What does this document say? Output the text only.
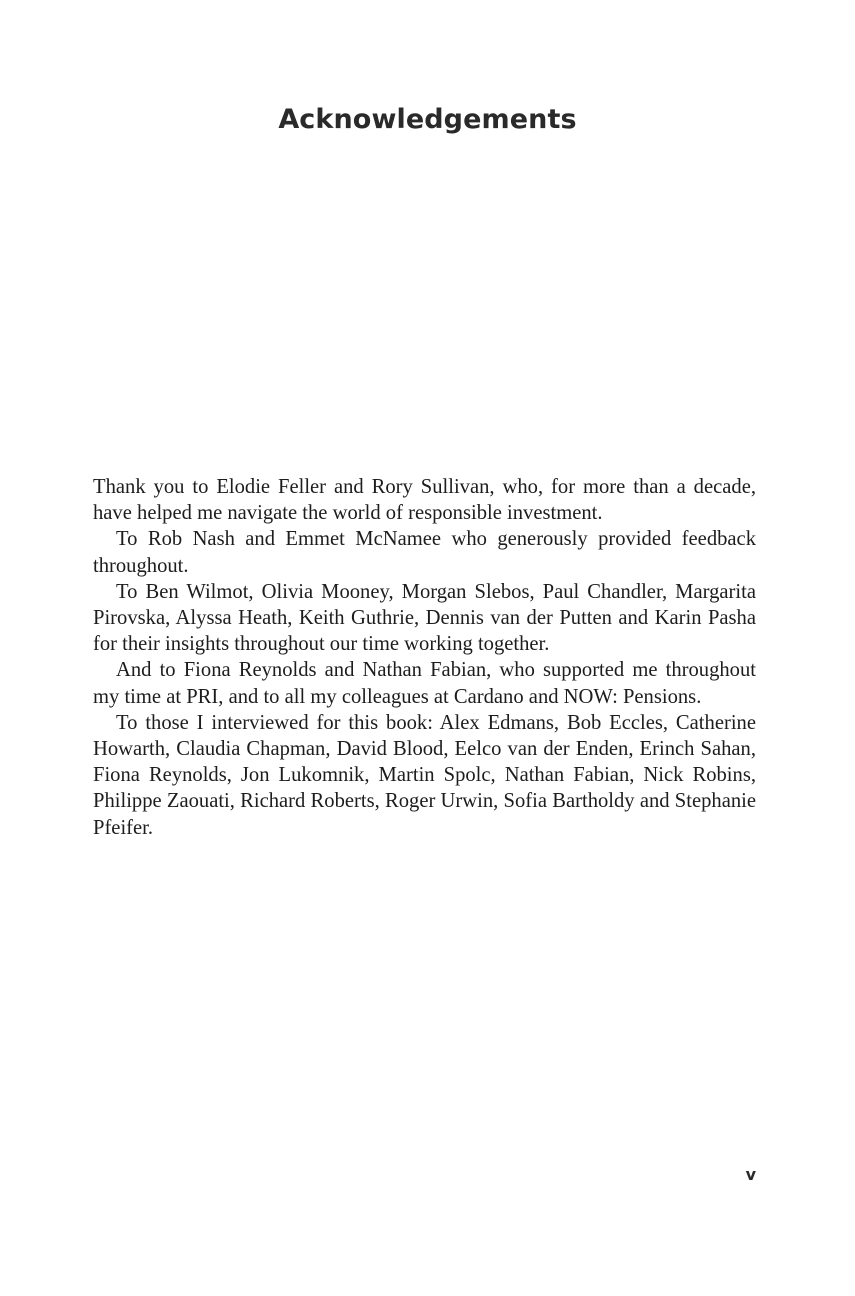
Acknowledgements

Thank you to Elodie Feller and Rory Sullivan, who, for more than a decade, have helped me navigate the world of responsible investment.

To Rob Nash and Emmet McNamee who generously provided feedback throughout.

To Ben Wilmot, Olivia Mooney, Morgan Slebos, Paul Chandler, Margarita Pirovska, Alyssa Heath, Keith Guthrie, Dennis van der Putten and Karin Pasha for their insights throughout our time working together.

And to Fiona Reynolds and Nathan Fabian, who supported me throughout my time at PRI, and to all my colleagues at Cardano and NOW: Pensions.

To those I interviewed for this book: Alex Edmans, Bob Eccles, Catherine Howarth, Claudia Chapman, David Blood, Eelco van der Enden, Erinch Sahan, Fiona Reynolds, Jon Lukomnik, Martin Spolc, Nathan Fabian, Nick Robins, Philippe Zaouati, Richard Roberts, Roger Urwin, Sofia Bartholdy and Stephanie Pfeifer.

v
